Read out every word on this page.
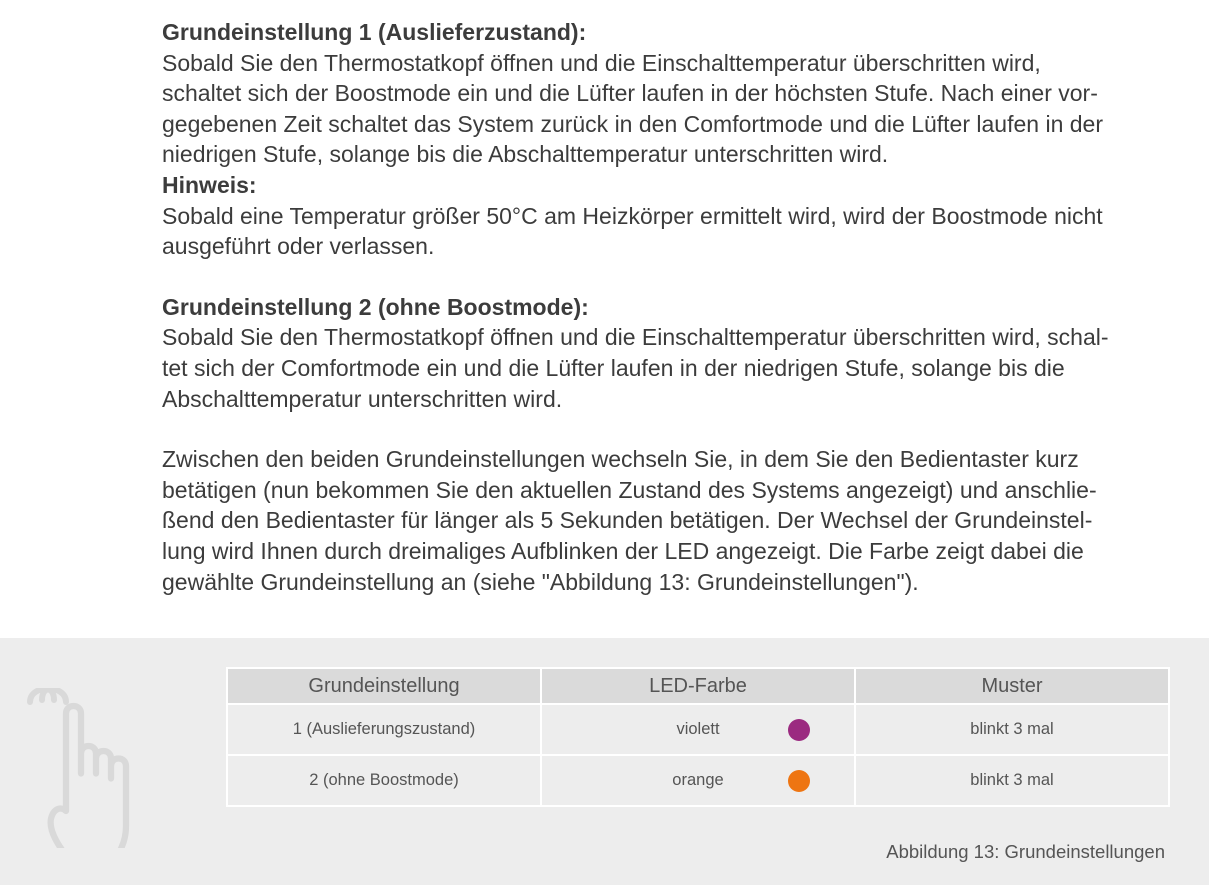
Grundeinstellung 1 (Auslieferzustand):
Sobald Sie den Thermostatkopf öffnen und die Einschalttemperatur überschritten wird,
schaltet sich der Boostmode ein und die Lüfter laufen in der höchsten Stufe. Nach einer vor-
gegebenen Zeit schaltet das System zurück in den Comfortmode und die Lüfter laufen in der
niedrigen Stufe, solange bis die Abschalttemperatur unterschritten wird.
Hinweis:
Sobald eine Temperatur größer 50°C am Heizkörper ermittelt wird, wird der Boostmode nicht
ausgeführt oder verlassen.

Grundeinstellung 2 (ohne Boostmode):
Sobald Sie den Thermostatkopf öffnen und die Einschalttemperatur überschritten wird, schal-
tet sich der Comfortmode ein und die Lüfter laufen in der niedrigen Stufe, solange bis die
Abschalttemperatur unterschritten wird.

Zwischen den beiden Grundeinstellungen wechseln Sie, in dem Sie den Bedientaster kurz
betätigen (nun bekommen Sie den aktuellen Zustand des Systems angezeigt) und anschlie-
ßend den Bedientaster für länger als 5 Sekunden betätigen. Der Wechsel der Grundeinstel-
lung wird Ihnen durch dreimaliges Aufblinken der LED angezeigt. Die Farbe zeigt dabei die
gewählte Grundeinstellung an (siehe "Abbildung 13: Grundeinstellungen").

Grundeinstellung	LED-Farbe	Muster
1 (Auslieferungszustand)	violett	blinkt 3 mal
2 (ohne Boostmode)	orange	blinkt 3 mal
Abbildung 13: Grundeinstellungen
